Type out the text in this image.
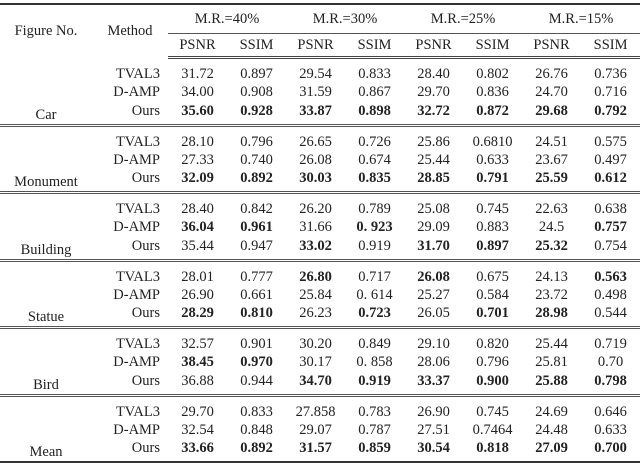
Figure No.	Method	M.R.=40%		M.R.=30%		M.R.=25%		M.R.=15%	
		PSNR	SSIM	PSNR	SSIM	PSNR	SSIM	PSNR	SSIM
Car	TVAL3	31.72	0.897	29.54	0.833	28.40	0.802	26.76	0.736
	D-AMP	34.00	0.908	31.59	0.867	29.70	0.836	24.70	0.716
	Ours	35.60	0.928	33.87	0.898	32.72	0.872	29.68	0.792
Monument	TVAL3	28.10	0.796	26.65	0.726	25.86	0.6810	24.51	0.575
	D-AMP	27.33	0.740	26.08	0.674	25.44	0.633	23.67	0.497
	Ours	32.09	0.892	30.03	0.835	28.85	0.791	25.59	0.612
Building	TVAL3	28.40	0.842	26.20	0.789	25.08	0.745	22.63	0.638
	D-AMP	36.04	0.961	31.66	0. 923	29.09	0.883	24.5	0.757
	Ours	35.44	0.947	33.02	0.919	31.70	0.897	25.32	0.754
Statue	TVAL3	28.01	0.777	26.80	0.717	26.08	0.675	24.13	0.563
	D-AMP	26.90	0.661	25.84	0. 614	25.27	0.584	23.72	0.498
	Ours	28.29	0.810	26.23	0.723	26.05	0.701	28.98	0.544
Bird	TVAL3	32.57	0.901	30.20	0.849	29.10	0.820	25.44	0.719
	D-AMP	38.45	0.970	30.17	0. 858	28.06	0.796	25.81	0.70
	Ours	36.88	0.944	34.70	0.919	33.37	0.900	25.88	0.798
Mean	TVAL3	29.70	0.833	27.858	0.783	26.90	0.745	24.69	0.646
	D-AMP	32.54	0.848	29.07	0.787	27.51	0.7464	24.48	0.633
	Ours	33.66	0.892	31.57	0.859	30.54	0.818	27.09	0.700
